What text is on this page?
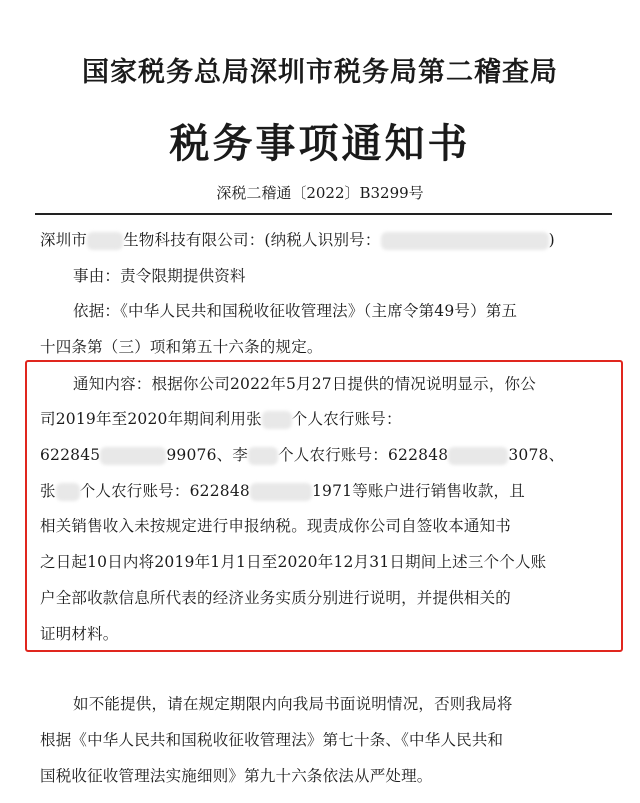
国家税务总局深圳市税务局第二稽查局
税务事项通知书
深税二稽通〔2022〕B3299号
深圳市 生物科技有限公司：(纳税人识别号：	)
事由：责令限期提供资料
依据：《中华人民共和国税收征收管理法》（主席令第49号）第五
十四条第（三）项和第五十六条的规定。
通知内容：根据你公司2022年5月27日提供的情况说明显示，你公
司2019年至2020年期间利用张 个人农行账号：
622845	99076、李 个人农行账号：622848	3078、
张 个人农行账号：622848	1971等账户进行销售收款，且
相关销售收入未按规定进行申报纳税。现责成你公司自签收本通知书
之日起10日内将2019年1月1日至2020年12月31日期间上述三个个人账
户全部收款信息所代表的经济业务实质分别进行说明，并提供相关的
证明材料。
如不能提供，请在规定期限内向我局书面说明情况，否则我局将
根据《中华人民共和国税收征收管理法》第七十条、《中华人民共和
国税收征收管理法实施细则》第九十六条依法从严处理。
